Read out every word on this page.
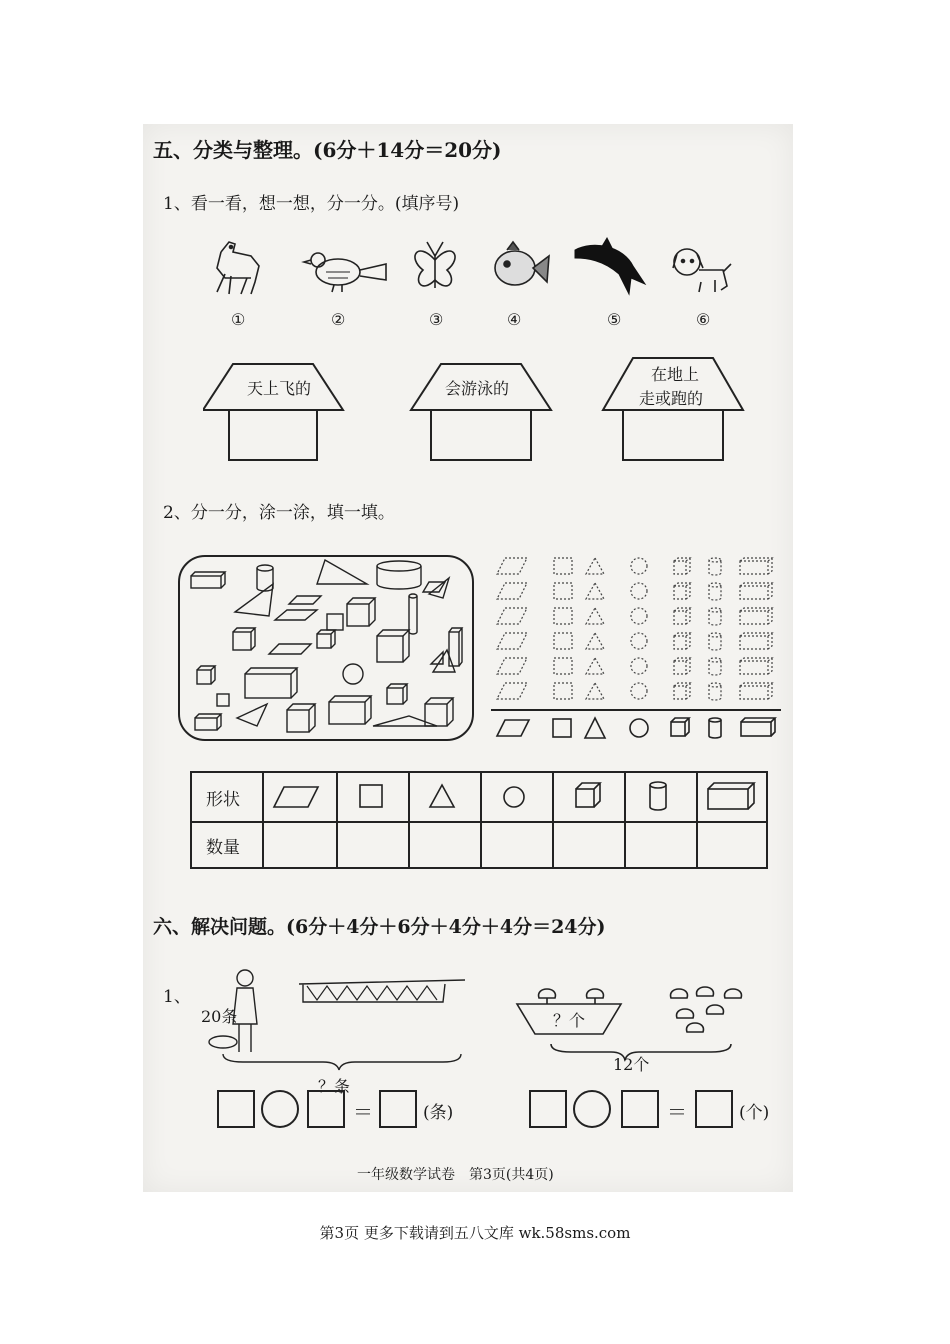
五、分类与整理。(6分＋14分＝20分)
1、看一看，想一想，分一分。(填序号)
①	②	③	④	⑤	⑥
天上飞的	会游泳的
在地上
走或跑的
2、分一分，涂一涂，填一填。
形状
数量
六、解决问题。(6分＋4分＋6分＋4分＋4分＝24分)
1、
20条
？条
？个
12个
＝	(条)	＝	(个)
一年级数学试卷　第3页(共4页)
第3页 更多下载请到五八文库 wk.58sms.com
